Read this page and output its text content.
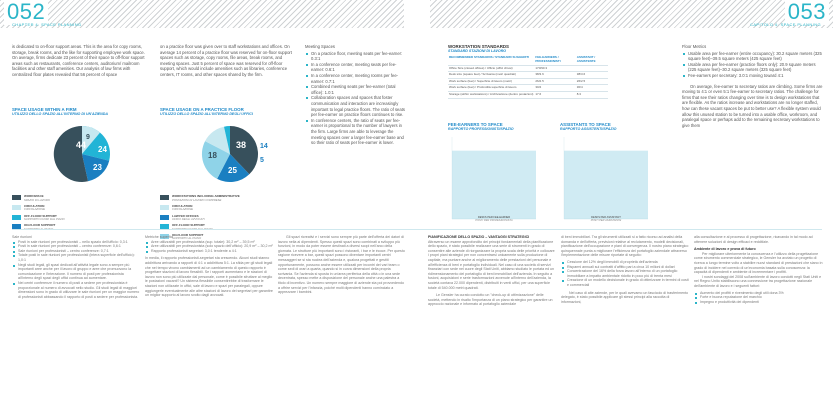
052
CHAPTER 4: SPACE PLANNING
053
CAPITOLO 4: SPACE PLANNING
is dedicated to on-floor support areas. This is the area for copy rooms, storage, break rooms, and the like for supporting employee work space. On average, firms dedicate 23 percent of their space to off-floor support areas such as restaurants, conference centers, auditorium/ mailroom facilities and other staff amenities. Our analysis of law firms with centralized floor plates revealed that 56 percent of space
SPACE USAGE WITHIN A FIRM
UTILIZZO DELLO SPAZIO ALL'INTERNO DI UN'AZIENDA
44
23
9
24
WORKSPACE
SPAZIO DI LAVORO
CIRCULATION
CIRCOLAZIONE
OFF-FLOOR SUPPORT
SUPPORTO FUORI DAL PIANO
ON-FLOOR SUPPORT
on a practice floor was given over to staff workstations and offices. On average 14 percent of a practice floor was reserved for on-floor support spaces such as storage, copy rooms, file areas, break rooms, and meeting spaces. Just 5 percent of space was reserved for off-floor support, which would include amenities such as libraries, conference centers, IT rooms, and other spaces shared by the firm.
SPACE USAGE ON A PRACTICE FLOOR
UTILIZZO DELLO SPAZIO ALL'INTERNO DEGLI UFFICI
38 14
5
18
25
WORKSTATIONS INCLUDING ADMINISTRATIVE
POSTAZIONI DI LAVORO COMPRESE
CIRCULATION
CIRCOLAZIONE
LAWYER OFFICES
UFFICI DEGLI AVVOCATI
OFF-FLOOR SUPPORT
ON-FLOOR SUPPORT
SUPPORTO AL PIANO
Meeting Spaces
On a practice floor, meeting seats per fee-earner: 0.3:1
In a conference center, meeting seats per fee-earner: 0.6:1
In a conference center, meeting rooms per fee-earner: 0.7:1
Combined meeting seats per fee-earner (total office): 1.0:1
Collaboration spaces and spaces that foster communication and interaction are increasingly important to legal practice floors. The ratio of seats per fee-earner on practice floors continues to rise.
In conference centers, the ratio of seats per fee-earner is proportional to the number of lawyers in the firm. Large firms are able to leverage the meeting spaces over a larger fee-earner base and so their ratio of seats per fee-earner is lower.
WORKSTATION STANDARDS
STANDARD STAZIONI DI LAVORO
RECOMMENDED STANDARDS / STANDARD SUGGERITI	FEE-EARNERS / PROFESSIONISTI	ASSISTANT / ASSISTENTE
Office Size (closed offices) / Ufficio (uffici chiusi)	170/90.3	
Desk size (square feet) / Scrivania (metri quadrati)	38/3.6	38/3.6
Work surface (feet) / Superficie di lavoro (metri)	26/2.5	26/2.5
Work surface (feet) / Profondità superficie di lavoro	30/4	30/4
Storage (within workstations) / Archiviazione (dentro postazioni)	17.6	8.3
FEE-EARNERS TO SPACE
RAPPORTO PROFESSIONISTI/SPAZIO
DESKS PER FEE-EARNER
POSTI PER PROFESSIONISTA
ASSISTANTS TO SPACE
RAPPORTO ASSISTENTI/SPAZIO
DESKS PER ASSISTANT
POSTI PER ASSISTENTE
Floor Metrics
Usable area per fee-earner (entire occupancy): 30.2 square meters (325 square feet)–39.5 square meters (425 square feet)
Usable area per fee-earner (practice floors only): 20.9 square meters (225 square feet)–30.2 square meters (325 square feet)
Fee-earners per secretary: 3.0:1 moving toward 4:1
On average, fee-earner to secretary ratios are climbing. Some firms are moving to 4:1 or even 5:1 fee-earner to secretary ratios. The challenge for firms that see their ratios changing over time is to design workstations that are flexible. As the ratios increase and workstations are no longer staffed, how can these vacant spaces be put to better use? A flexible system would allow this unused station to be turned into a usable office, workroom, and paralegal space or perhaps add to the remaining secretary workstations to give them
Sale riunioni
Posti in sale riunioni per professionisti – nello spazio dell'ufficio: 0,3:1
Posti in sale riunioni per professionisti – centro conferenze: 0,6:1
Sale riunioni per professionisti – centro conferenze: 0,7:1
Totale posti in sale riunioni per professionisti (intera superficie dell'ufficio): 1,0:1
Negli studi legali, gli spazi dedicati all'attività legale sono a sempre più importanti aree anche per il lavoro di gruppo e aree che promuovono la comunicazione e l'interazione. Il numero di posti per professionista all'interno degli spazi degli uffici continua ad aumentare.
Nei centri conferenze il numero di posti a sedere per professionista è proporzionale al numero di avvocati nello studio. Gli studi legali di maggiori dimensioni sono in grado di utilizzare le sale riunioni per un maggior numero di professionisti abbassando il rapporto di posti a sedere per professionista.
Metriche superfici
Aree utilizzabili per professionista (sup. totale): 30,2 m² – 39,5 m²
Aree utilizzabili per professionista (solo spazio dell'ufficio): 20,9 m² – 30,2 m²
Rapporto professionisti segretari: 3,0:1 tendente a 4:1
In media, il rapporto professionisti-segretari sta crescendo. Alcuni studi stanno addirittura arrivando a rapporti di 4:1 o addirittura 5:1. La sfida per gli studi legali che nel tempo vivono cambiamenti ad un cambiamento di questo rapporto è progettare stazioni di lavoro flessibili. Se i rapporti aumentano e le stazioni di lavoro non sono più utilizzate dal personale, come è possibile sfruttare al meglio le postazioni vacanti? Un sistema flessibile consentirebbe di trasformare le stazioni non utilizzate in uffici, sale di lavoro e spazi per paralegali, oppure aggiungerle eventualmente alle altre stazioni di lavoro dei segretari per garantire un miglior supporto al lavoro svolto dagli avvocati.
Gli spazi ricreativi e i servizi sono sempre più parte dell'offerta dei datori di lavoro nella ai dipendenti. Spesso questi spazi sono combinati a sviluppo più funzioni, in modo da poter essere destinati a diversi scopi nell'arco della giornata. Le strutture più importanti sono i ristoranti, i bar e le écoce. Per questo ragione ricevere a bar, questi spazi possono diventare importanti centri messaggeri se si sta nuclea dell'azienda e, qualora progettati e gestiti opportunamente, possono anche essere utilizzati per incontri dei vari team o come sedi di orari a quarta, quando si in curva dimensioni della propria scrivania. Se l'azienda si sposta in un'area periferica della città o in una sede decentrata, spesso mette a disposizione del personale anche una palestra a titolo di incentivo. Un numero sempre maggiore di aziende sta poi provvedendo a offrire servizi per l'infanzia, poiché molti dipendenti hanno cominciato a apprezzare i bambini.
PIANIFICAZIONE DELLO SPAZIO – VANTAGGI STRATEGICI
Attraverso un esame approfondito dei principi fondamentali della pianificazione dello spazio, è stato possibile realizzare una serie di strumenti in grado di consentire alle aziende di riorganizzare la propria scala delle priorità e collocare i propri piani strategici per non concentrarsi unicamente sulla produzione di capitale, ma puntare anche al miglioramento delle prestazioni del personale e all'efficienza di beni e portafoglio individuali. Nel caso di una società di servizi finanziari con sede nel cuore degli Stati Uniti, abbiamo studiato le portata ed un ridimensionamento del portafoglio di beni immobiliari dell'azienda. In seguito a fusioni, acquisizioni e serie trasformazioni avvenute all'interno dell'azienda, la società contava 22.000 dipendenti, distribuiti in venti uffici, per una superficie totale di 540.000 metri quadrati.
Le Gensler ha curato condotto un "check-up di ottimizzazione" delle società, mettendo in risalto l'importanza di un piano strategico per garantire un approccio razionale e informato al portafoglio aziendale
di beni immobiliari. Tra gli strumenti utilizzati si a fatto ricorso ad analisi della domanda e dell'offerta, previsioni relative al reclutamento, modelli decisionali, pianificazione dell'occupazione e piani di convergenza. Il nostro piano strategico quinquennale punta a migliorare l'efficienza del portafoglio aziendale attraverso l'implementazione delle misure riportate di seguito:
Cessione del 12% degli immobili di proprietà dell'azienda
Risparmi annuali sui contratti d'affitto pari a circa 10 milioni di dollari
Concentrazione del 16% della forza lavoro all'interno di un portafoglio immobiliare a impatto ambientale ridotto in poco più di trenta mesi
Creazione di un modello decisionale in grado di ottimizzare in termini di costi e commerciali
Nel caso di alte aziende, per le quali avevamo un fascicolo di trasferimento delegato, è stato possibile applicare gli stessi principi alla raccolta di informazioni,
alla consultazione e al processo di progettazione, ricavando in tal modo ad ottenere soluzioni di design efficaci e redditizie.
Ambiente di lavoro e prova di futuro
Per migliorare ulteriormente la conoscenza e l'utilizzo della progettazione come strumento commerciale strategico, le Gensler ha avviato un progetto di ricerca a lungo termine volto a stabilire nuovi standard di prestazioni che siano in grado di incidere nel corredo di un'economia basata sulla conoscenza: la capacità di dipendenti e ambiente di incrementare i profitti.
I nostri sondaggi del 2008 sull'ambiente di lavoro condotti negli Stati Uniti e nel Regno Unito stabiliscono una connessione tra progettazione nazionale dell'ambiente di lavoro e i seguenti fattori:
Aumento dei profitti e rivenimento degli utili dona 3%
Forte e buona reputazione del marchio
Impegno e produttività dei dipendenti
